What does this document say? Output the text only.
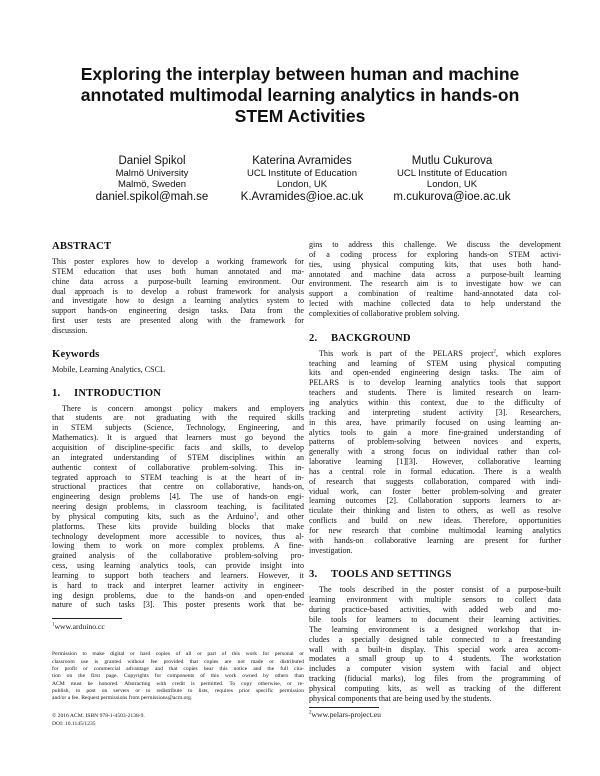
Exploring the interplay between human and machine
annotated multimodal learning analytics in hands-on
STEM Activities
Daniel Spikol
Malmö University
Malmö, Sweden
daniel.spikol@mah.se
Katerina Avramides
UCL Institute of Education
London, UK
K.Avramides@ioe.ac.uk
Mutlu Cukurova
UCL Institute of Education
London, UK
m.cukurova@ioe.ac.uk
ABSTRACT
This poster explores how to develop a working framework for
STEM education that uses both human annotated and ma-
chine data across a purpose-built learning environment. Our
dual approach is to develop a robust framework for analysis
and investigate how to design a learning analytics system to
support hands-on engineering design tasks. Data from the
first user tests are presented along with the framework for
discussion.
Keywords
Mobile, Learning Analytics, CSCL
1. INTRODUCTION
There is concern amongst policy makers and employers
that students are not graduating with the required skills
in STEM subjects (Science, Technology, Engineering, and
Mathematics). It is argued that learners must go beyond the
acquisition of discipline-specific facts and skills, to develop
an integrated understanding of STEM disciplines within an
authentic context of collaborative problem-solving. This in-
tegrated approach to STEM teaching is at the heart of in-
structional practices that centre on collaborative, hands-on,
engineering design problems [4]. The use of hands-on engi-
neering design problems, in classroom teaching, is facilitated
by physical computing kits, such as the Arduino$^1$, and other
platforms. These kits provide building blocks that make
technology development more accessible to novices, thus al-
lowing them to work on more complex problems. A fine-
grained analysis of the collaborative problem-solving pro-
cess, using learning analytics tools, can provide insight into
learning to support both teachers and learners. However, it
is hard to track and interpret learner activity in engineer-
ing design problems, due to the hands-on and open-ended
nature of such tasks [3]. This poster presents work that be-
$^1$www.arduino.cc
Permission to make digital or hard copies of all or part of this work for personal or
classroom use is granted without fee provided that copies are not made or distributed
for profit or commercial advantage and that copies bear this notice and the full cita-
tion on the first page. Copyrights for components of this work owned by others than
ACM must be honored. Abstracting with credit is permitted. To copy otherwise, or re-
publish, to post on servers or to redistribute to lists, requires prior specific permission
and/or a fee. Request permissions from permissions@acm.org.
© 2016 ACM. ISBN 978-1-4503-2138-9.
DOI: 10.1145/1235
gins to address this challenge. We discuss the development
of a coding process for exploring hands-on STEM activi-
ties, using physical computing kits, that uses both hand-
annotated and machine data across a purpose-built learning
environment. The research aim is to investigate how we can
support a combination of realtime hand-annotated data col-
lected with machine collected data to help understand the
complexities of collaborative problem solving.
2. BACKGROUND
This work is part of the PELARS project$^2$, which explores
teaching and learning of STEM using physical computing
kits and open-ended engineering design tasks. The aim of
PELARS is to develop learning analytics tools that support
teachers and students. There is limited research on learn-
ing analytics within this context, due to the difficulty of
tracking and interpreting student activity [3]. Researchers,
in this area, have primarily focused on using learning an-
alytics tools to gain a more fine-grained understanding of
patterns of problem-solving between novices and experts,
generally with a strong focus on individual rather than col-
laborative learning [1][3]. However, collaborative learning
has a central role in formal education. There is a wealth
of research that suggests collaboration, compared with indi-
vidual work, can foster better problem-solving and greater
learning outcomes [2]. Collaboration supports learners to ar-
ticulate their thinking and listen to others, as well as resolve
conflicts and build on new ideas. Therefore, opportunities
for new research that combine multimodal learning analytics
with hands-on collaborative learning are present for further
investigation.
3. TOOLS AND SETTINGS
The tools described in the poster consist of a purpose-built
learning environment with multiple sensors to collect data
during practice-based activities, with added web and mo-
bile tools for learners to document their learning activities.
The learning environment is a designed workshop that in-
cludes a specially designed table connected to a freestanding
wall with a built-in display. This special work area accom-
modates a small group up to 4 students. The workstation
includes a computer vision system with facial and object
tracking (fiducial marks), log files from the programming of
physical computing kits, as well as tracking of the different
physical components that are being used by the students.
$^2$www.pelars-project.eu
